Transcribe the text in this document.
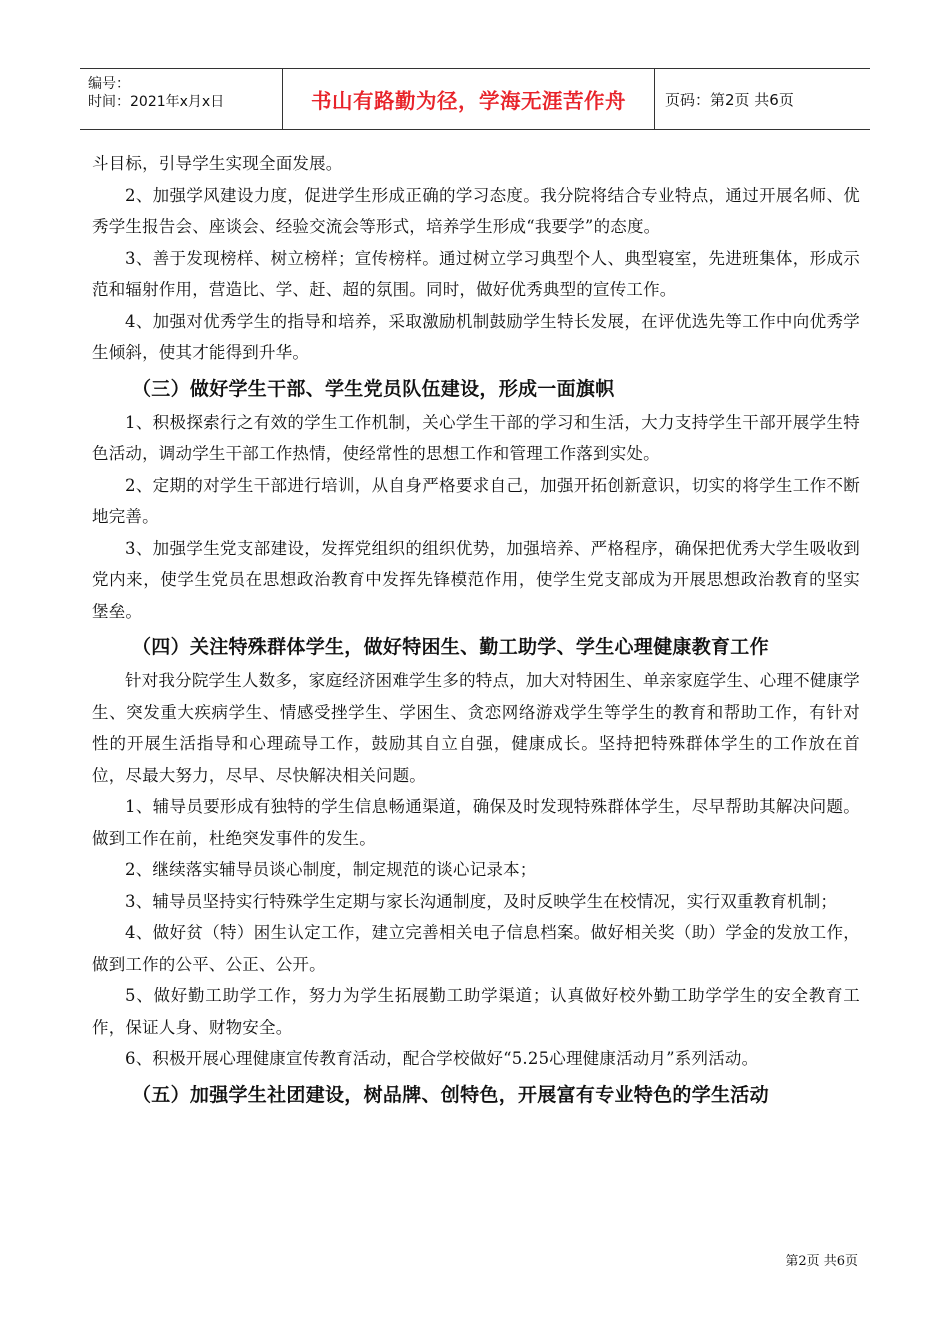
编号：
时间：2021年x月x日	书山有路勤为径，学海无涯苦作舟	页码：第2页 共6页

斗目标，引导学生实现全面发展。

2、加强学风建设力度，促进学生形成正确的学习态度。我分院将结合专业特点，通过开展名师、优秀学生报告会、座谈会、经验交流会等形式，培养学生形成“我要学”的态度。

3、善于发现榜样、树立榜样；宣传榜样。通过树立学习典型个人、典型寝室，先进班集体，形成示范和辐射作用，营造比、学、赶、超的氛围。同时，做好优秀典型的宣传工作。

4、加强对优秀学生的指导和培养，采取激励机制鼓励学生特长发展，在评优选先等工作中向优秀学生倾斜，使其才能得到升华。

（三）做好学生干部、学生党员队伍建设，形成一面旗帜

1、积极探索行之有效的学生工作机制，关心学生干部的学习和生活，大力支持学生干部开展学生特色活动，调动学生干部工作热情，使经常性的思想工作和管理工作落到实处。

2、定期的对学生干部进行培训，从自身严格要求自己，加强开拓创新意识，切实的将学生工作不断地完善。

3、加强学生党支部建设，发挥党组织的组织优势，加强培养、严格程序，确保把优秀大学生吸收到党内来，使学生党员在思想政治教育中发挥先锋模范作用，使学生党支部成为开展思想政治教育的坚实堡垒。

（四）关注特殊群体学生，做好特困生、勤工助学、学生心理健康教育工作

针对我分院学生人数多，家庭经济困难学生多的特点，加大对特困生、单亲家庭学生、心理不健康学生、突发重大疾病学生、情感受挫学生、学困生、贪恋网络游戏学生等学生的教育和帮助工作，有针对性的开展生活指导和心理疏导工作，鼓励其自立自强，健康成长。坚持把特殊群体学生的工作放在首位，尽最大努力，尽早、尽快解决相关问题。

1、辅导员要形成有独特的学生信息畅通渠道，确保及时发现特殊群体学生，尽早帮助其解决问题。做到工作在前，杜绝突发事件的发生。

2、继续落实辅导员谈心制度，制定规范的谈心记录本；

3、辅导员坚持实行特殊学生定期与家长沟通制度，及时反映学生在校情况，实行双重教育机制；

4、做好贫（特）困生认定工作，建立完善相关电子信息档案。做好相关奖（助）学金的发放工作，做到工作的公平、公正、公开。

5、做好勤工助学工作，努力为学生拓展勤工助学渠道；认真做好校外勤工助学学生的安全教育工作，保证人身、财物安全。

6、积极开展心理健康宣传教育活动，配合学校做好“5.25心理健康活动月”系列活动。

（五）加强学生社团建设，树品牌、创特色，开展富有专业特色的学生活动
第2页 共6页
